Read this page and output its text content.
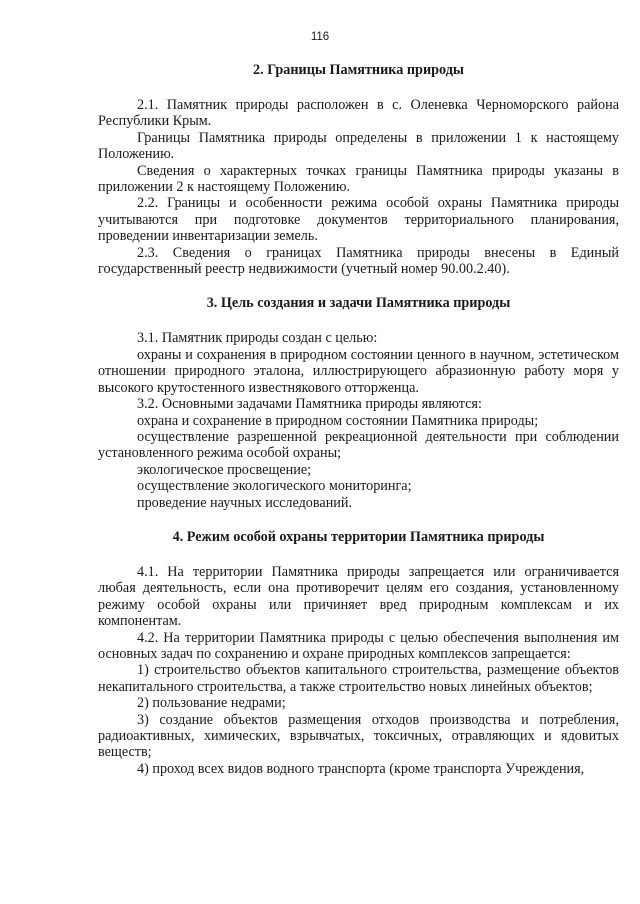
116
2. Границы Памятника природы

2.1. Памятник природы расположен в с. Оленевка Черноморского района Республики Крым.

Границы Памятника природы определены в приложении 1 к настоящему Положению.

Сведения о характерных точках границы Памятника природы указаны в приложении 2 к настоящему Положению.

2.2. Границы и особенности режима особой охраны Памятника природы учитываются при подготовке документов территориального планирования, проведении инвентаризации земель.

2.3. Сведения о границах Памятника природы внесены в Единый государственный реестр недвижимости (учетный номер 90.00.2.40).

3. Цель создания и задачи Памятника природы

3.1. Памятник природы создан с целью:

охраны и сохранения в природном состоянии ценного в научном, эстетическом отношении природного эталона, иллюстрирующего абразионную работу моря у высокого крутостенного известнякового отторженца.

3.2. Основными задачами Памятника природы являются:

охрана и сохранение в природном состоянии Памятника природы;

осуществление разрешенной рекреационной деятельности при соблюдении установленного режима особой охраны;

экологическое просвещение;

осуществление экологического мониторинга;

проведение научных исследований.

4. Режим особой охраны территории Памятника природы

4.1. На территории Памятника природы запрещается или ограничивается любая деятельность, если она противоречит целям его создания, установленному режиму особой охраны или причиняет вред природным комплексам и их компонентам.

4.2. На территории Памятника природы с целью обеспечения выполнения им основных задач по сохранению и охране природных комплексов запрещается:

1) строительство объектов капитального строительства, размещение объектов некапитального строительства, а также строительство новых линейных объектов;

2) пользование недрами;

3) создание объектов размещения отходов производства и потребления, радиоактивных, химических, взрывчатых, токсичных, отравляющих и ядовитых веществ;

4) проход всех видов водного транспорта (кроме транспорта Учреждения,
